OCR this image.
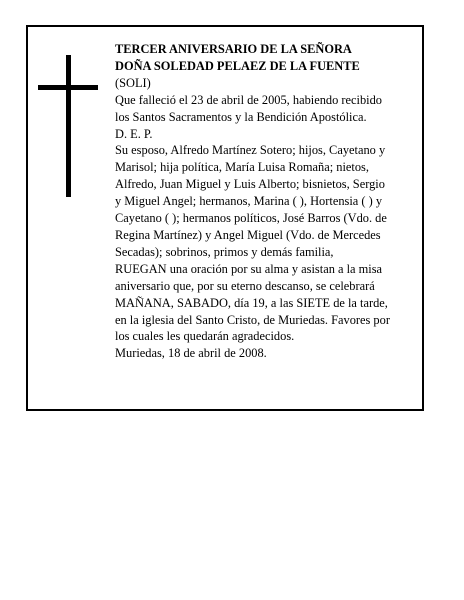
TERCER ANIVERSARIO DE LA SEÑORA
DOÑA SOLEDAD PELAEZ DE LA FUENTE
(SOLI)
Que falleció el 23 de abril de 2005, habiendo recibido
los Santos Sacramentos y la Bendición Apostólica.
D. E. P.
Su esposo, Alfredo Martínez Sotero; hijos, Cayetano y
Marisol; hija política, María Luisa Romaña; nietos,
Alfredo, Juan Miguel y Luis Alberto; bisnietos, Sergio
y Miguel Angel; hermanos, Marina ( ), Hortensia ( ) y
Cayetano ( ); hermanos políticos, José Barros (Vdo. de
Regina Martínez) y Angel Miguel (Vdo. de Mercedes
Secadas); sobrinos, primos y demás familia,
RUEGAN una oración por su alma y asistan a la misa
aniversario que, por su eterno descanso, se celebrará
MAÑANA, SABADO, día 19, a las SIETE de la tarde,
en la iglesia del Santo Cristo, de Muriedas. Favores por
los cuales les quedarán agradecidos.
Muriedas, 18 de abril de 2008.
